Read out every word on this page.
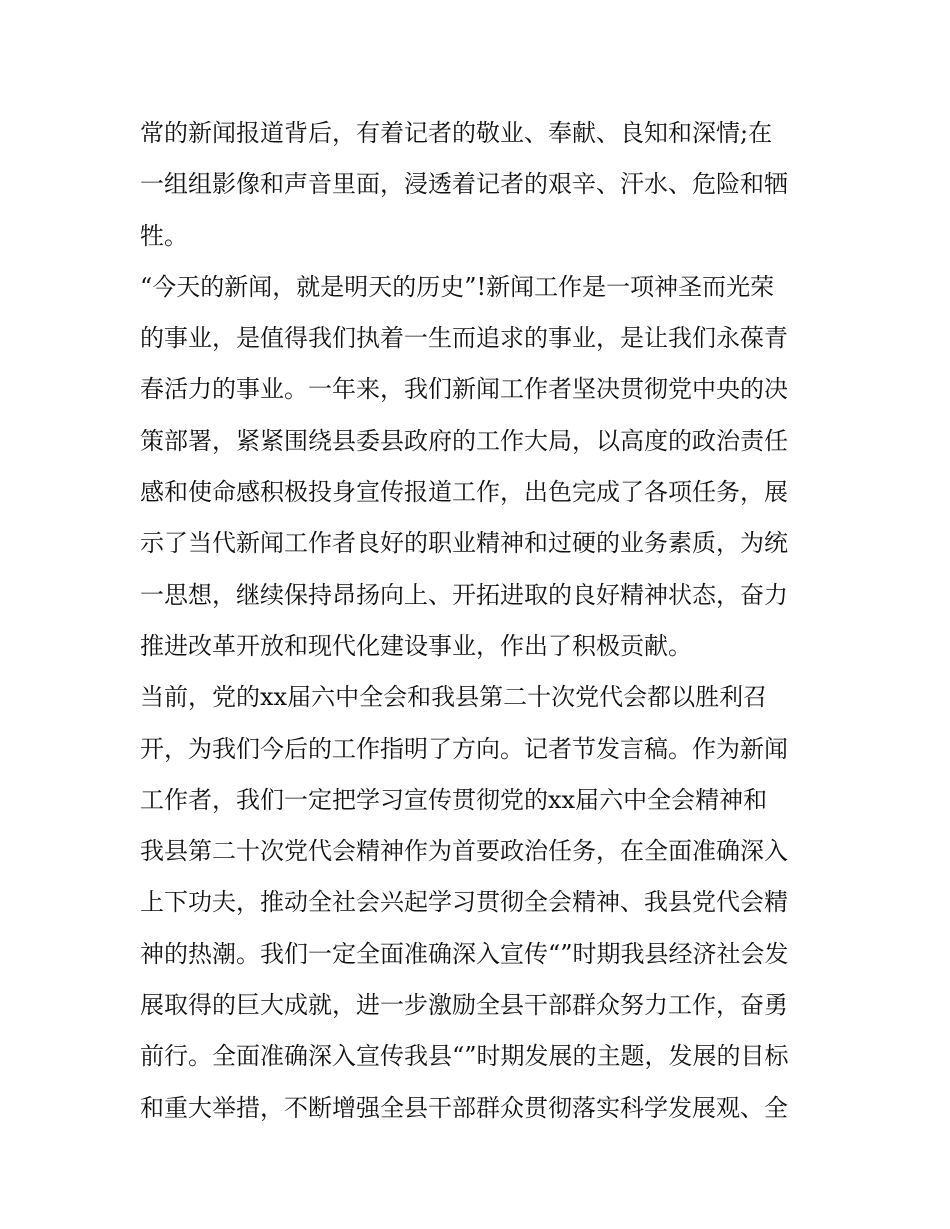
常的新闻报道背后，有着记者的敬业、奉献、良知和深情;在
一组组影像和声音里面，浸透着记者的艰辛、汗水、危险和牺
牲。
“今天的新闻，就是明天的历史”!新闻工作是一项神圣而光荣
的事业，是值得我们执着一生而追求的事业，是让我们永葆青
春活力的事业。一年来，我们新闻工作者坚决贯彻党中央的决
策部署，紧紧围绕县委县政府的工作大局，以高度的政治责任
感和使命感积极投身宣传报道工作，出色完成了各项任务，展
示了当代新闻工作者良好的职业精神和过硬的业务素质，为统
一思想，继续保持昂扬向上、开拓进取的良好精神状态，奋力
推进改革开放和现代化建设事业，作出了积极贡献。
当前，党的xx届六中全会和我县第二十次党代会都以胜利召
开，为我们今后的工作指明了方向。记者节发言稿。作为新闻
工作者，我们一定把学习宣传贯彻党的xx届六中全会精神和
我县第二十次党代会精神作为首要政治任务，在全面准确深入
上下功夫，推动全社会兴起学习贯彻全会精神、我县党代会精
神的热潮。我们一定全面准确深入宣传“”时期我县经济社会发
展取得的巨大成就，进一步激励全县干部群众努力工作，奋勇
前行。全面准确深入宣传我县“”时期发展的主题，发展的目标
和重大举措，不断增强全县干部群众贯彻落实科学发展观、全
